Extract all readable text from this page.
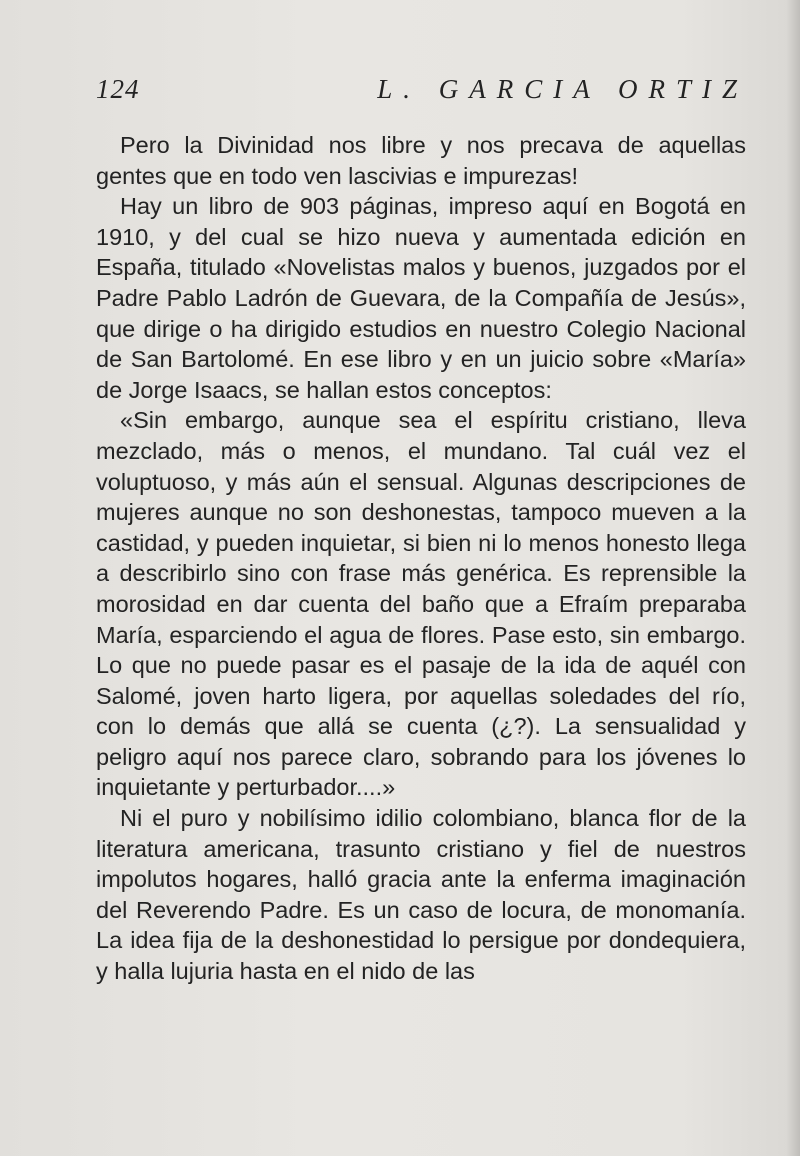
124	L. GARCIA ORTIZ

Pero la Divinidad nos libre y nos precava de aquellas gentes que en todo ven lascivias e impurezas!

Hay un libro de 903 páginas, impreso aquí en Bogotá en 1910, y del cual se hizo nueva y aumentada edición en España, titulado «Novelistas malos y buenos, juzgados por el Padre Pablo Ladrón de Guevara, de la Compañía de Jesús», que dirige o ha dirigido estudios en nuestro Colegio Nacional de San Bartolomé. En ese libro y en un juicio sobre «María» de Jorge Isaacs, se hallan estos conceptos:

«Sin embargo, aunque sea el espíritu cristiano, lleva mezclado, más o menos, el mundano. Tal cuál vez el voluptuoso, y más aún el sensual. Algunas descripciones de mujeres aunque no son deshonestas, tampoco mueven a la castidad, y pueden inquietar, si bien ni lo menos honesto llega a describirlo sino con frase más genérica. Es reprensible la morosidad en dar cuenta del baño que a Efraím preparaba María, esparciendo el agua de flores. Pase esto, sin embargo. Lo que no puede pasar es el pasaje de la ida de aquél con Salomé, joven harto ligera, por aquellas soledades del río, con lo demás que allá se cuenta (¿?). La sensualidad y peligro aquí nos parece claro, sobrando para los jóvenes lo inquietante y perturbador....»

Ni el puro y nobilísimo idilio colombiano, blanca flor de la literatura americana, trasunto cristiano y fiel de nuestros impolutos hogares, halló gracia ante la enferma imaginación del Reverendo Padre. Es un caso de locura, de monomanía. La idea fija de la deshonestidad lo persigue por dondequiera, y halla lujuria hasta en el nido de las
